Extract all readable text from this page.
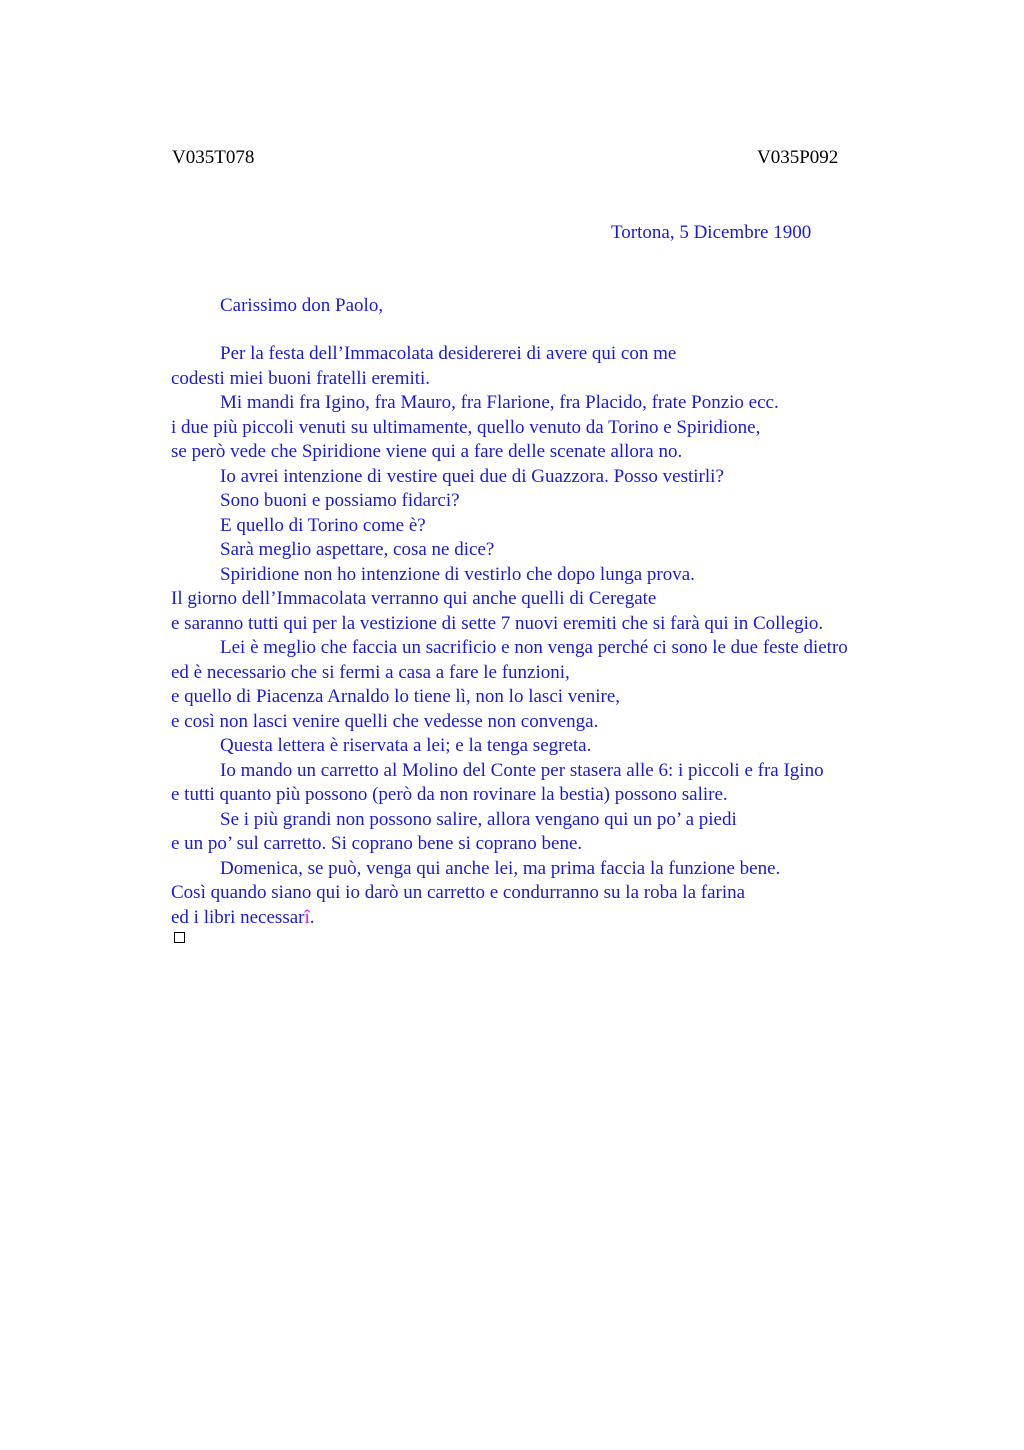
V035T078	V035P092
Tortona, 5 Dicembre 1900
Carissimo don Paolo,
Per la festa dell’Immacolata desidererei di avere qui con me
codesti miei buoni fratelli eremiti.
Mi mandi fra Igino, fra Mauro, fra Flarione, fra Placido, frate Ponzio ecc.
i due più piccoli venuti su ultimamente, quello venuto da Torino e Spiridione,
se però vede che Spiridione viene qui a fare delle scenate allora no.
Io avrei intenzione di vestire quei due di Guazzora. Posso vestirli?
Sono buoni e possiamo fidarci?
E quello di Torino come è?
Sarà meglio aspettare, cosa ne dice?
Spiridione non ho intenzione di vestirlo che dopo lunga prova.
Il giorno dell’Immacolata verranno qui anche quelli di Ceregate
e saranno tutti qui per la vestizione di sette 7 nuovi eremiti che si farà qui in Collegio.
Lei è meglio che faccia un sacrificio e non venga perché ci sono le due feste dietro
ed è necessario che si fermi a casa a fare le funzioni,
e quello di Piacenza Arnaldo lo tiene lì, non lo lasci venire,
e così non lasci venire quelli che vedesse non convenga.
Questa lettera è riservata a lei; e la tenga segreta.
Io mando un carretto al Molino del Conte per stasera alle 6: i piccoli e fra Igino
e tutti quanto più possono (però da non rovinare la bestia) possono salire.
Se i più grandi non possono salire, allora vengano qui un po’ a piedi
e un po’ sul carretto. Si coprano bene si coprano bene.
Domenica, se può, venga qui anche lei, ma prima faccia la funzione bene.
Così quando siano qui io darò un carretto e condurranno su la roba la farina
ed i libri necessarî.
